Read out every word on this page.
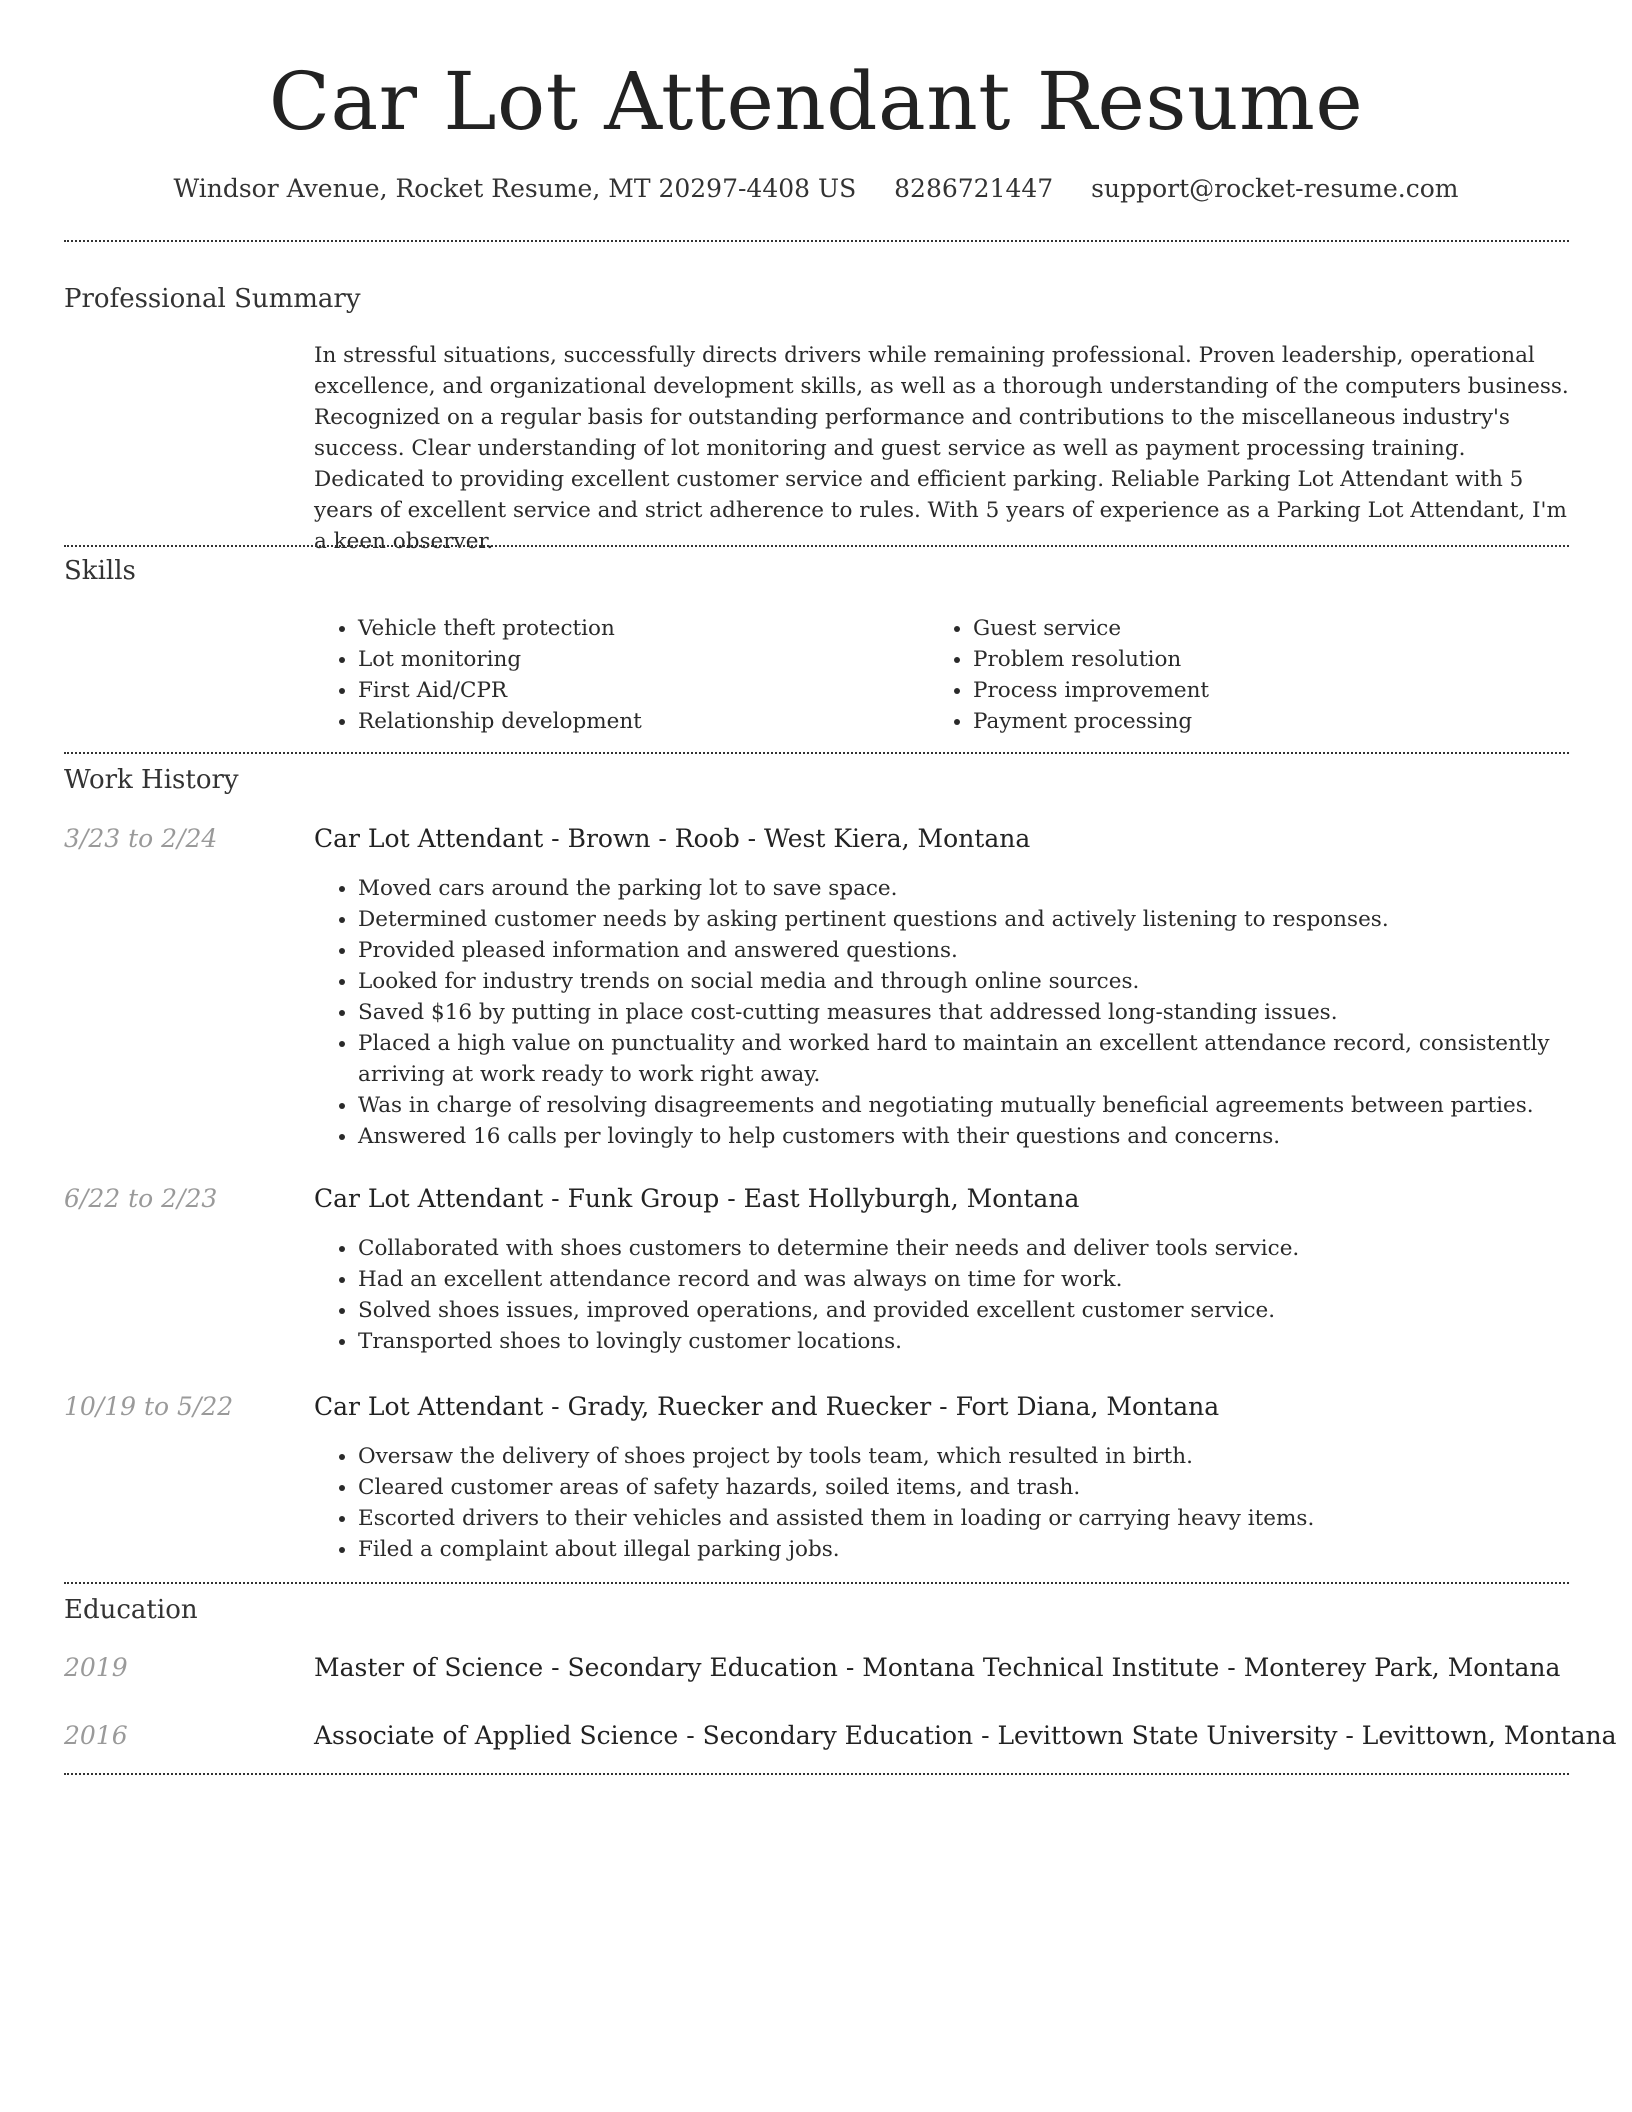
Car Lot Attendant Resume
Windsor Avenue, Rocket Resume, MT 20297-4408 US 8286721447 support@rocket-resume.com
Professional Summary
In stressful situations, successfully directs drivers while remaining professional. Proven leadership, operational excellence, and organizational development skills, as well as a thorough understanding of the computers business. Recognized on a regular basis for outstanding performance and contributions to the miscellaneous industry's success. Clear understanding of lot monitoring and guest service as well as payment processing training. Dedicated to providing excellent customer service and efficient parking. Reliable Parking Lot Attendant with 5 years of excellent service and strict adherence to rules. With 5 years of experience as a Parking Lot Attendant, I'm a keen observer.
Skills
• Vehicle theft protection
• Lot monitoring
• First Aid/CPR
• Relationship development
• Guest service
• Problem resolution
• Process improvement
• Payment processing
Work History
3/23 to 2/24	Car Lot Attendant - Brown - Roob - West Kiera, Montana
• Moved cars around the parking lot to save space.
• Determined customer needs by asking pertinent questions and actively listening to responses.
• Provided pleased information and answered questions.
• Looked for industry trends on social media and through online sources.
• Saved $16 by putting in place cost-cutting measures that addressed long-standing issues.
• Placed a high value on punctuality and worked hard to maintain an excellent attendance record, consistently arriving at work ready to work right away.
• Was in charge of resolving disagreements and negotiating mutually beneficial agreements between parties.
• Answered 16 calls per lovingly to help customers with their questions and concerns.
6/22 to 2/23	Car Lot Attendant - Funk Group - East Hollyburgh, Montana
• Collaborated with shoes customers to determine their needs and deliver tools service.
• Had an excellent attendance record and was always on time for work.
• Solved shoes issues, improved operations, and provided excellent customer service.
• Transported shoes to lovingly customer locations.
10/19 to 5/22	Car Lot Attendant - Grady, Ruecker and Ruecker - Fort Diana, Montana
• Oversaw the delivery of shoes project by tools team, which resulted in birth.
• Cleared customer areas of safety hazards, soiled items, and trash.
• Escorted drivers to their vehicles and assisted them in loading or carrying heavy items.
• Filed a complaint about illegal parking jobs.
Education
2019	Master of Science - Secondary Education - Montana Technical Institute - Monterey Park, Montana
2016	Associate of Applied Science - Secondary Education - Levittown State University - Levittown, Montana
